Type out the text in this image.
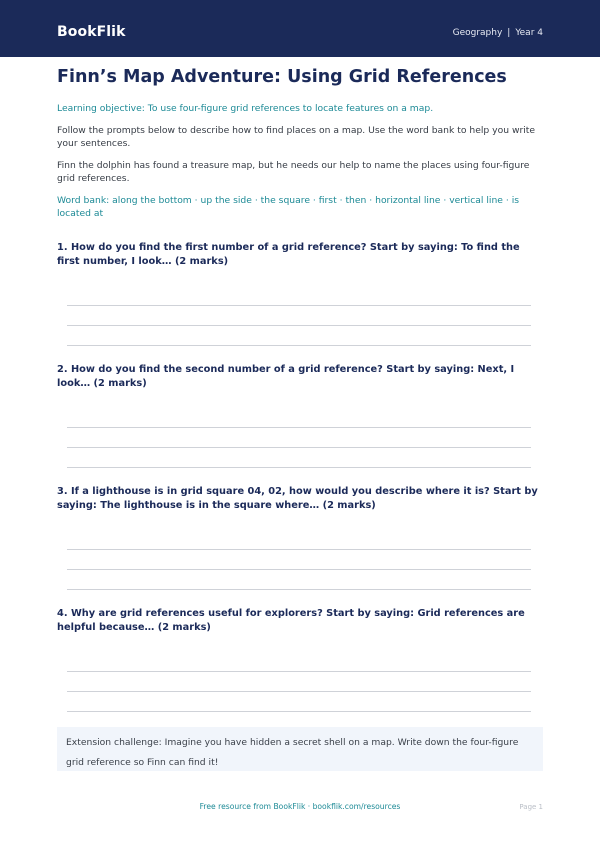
BookFlik	Geography | Year 4
Finn’s Map Adventure: Using Grid References
Learning objective: To use four-figure grid references to locate features on a map.
Follow the prompts below to describe how to find places on a map. Use the word bank to help you write your sentences.
Finn the dolphin has found a treasure map, but he needs our help to name the places using four-figure grid references.
Word bank: along the bottom · up the side · the square · first · then · horizontal line · vertical line · is located at
1. How do you find the first number of a grid reference? Start by saying: To find the first number, I look… (2 marks)
2. How do you find the second number of a grid reference? Start by saying: Next, I look… (2 marks)
3. If a lighthouse is in grid square 04, 02, how would you describe where it is? Start by saying: The lighthouse is in the square where… (2 marks)
4. Why are grid references useful for explorers? Start by saying: Grid references are helpful because… (2 marks)
Extension challenge: Imagine you have hidden a secret shell on a map. Write down the four-figure grid reference so Finn can find it!
Free resource from BookFlik · bookflik.com/resources	Page 1
